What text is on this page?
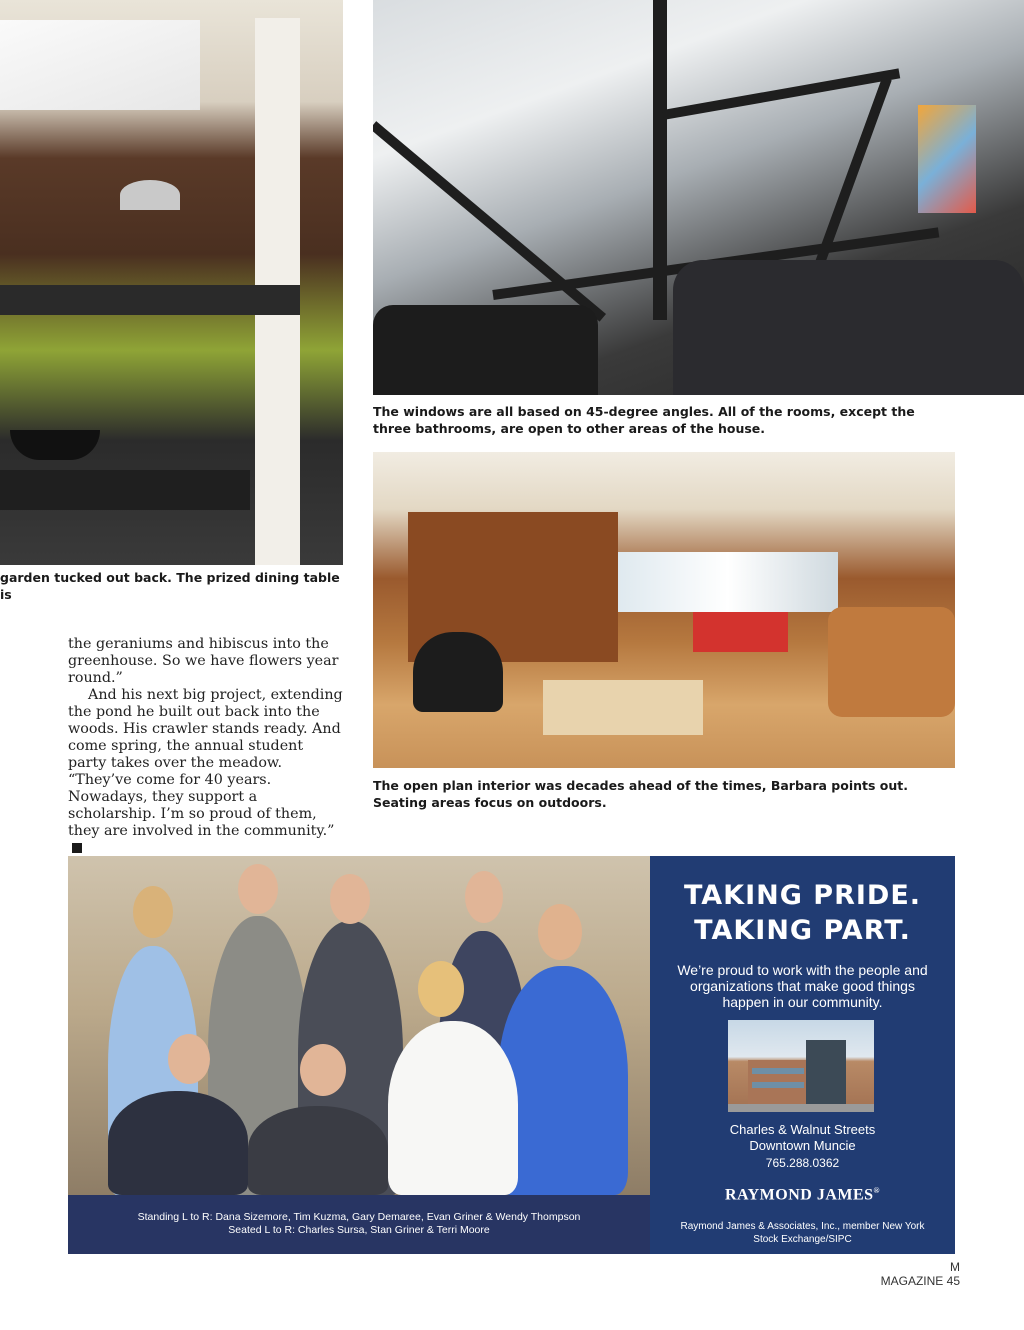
garden tucked out back. The prized dining table is
The windows are all based on 45-degree angles. All of the rooms, except the three bathrooms, are open to other areas of the house.
The open plan interior was decades ahead of the times, Barbara points out. Seating areas focus on outdoors.

the geraniums and hibiscus into the greenhouse. So we have flowers year round.”

And his next big project, extending the pond he built out back into the woods. His crawler stands ready. And come spring, the annual student party takes over the meadow. “They’ve come for 40 years. Nowadays, they support a scholarship. I’m so proud of them, they are involved in the community.”

Standing L to R: Dana Sizemore, Tim Kuzma, Gary Demaree, Evan Griner & Wendy Thompson
Seated L to R: Charles Sursa, Stan Griner & Terri Moore
TAKING PRIDE.
TAKING PART.
We’re proud to work with the people and organizations that make good things happen in our community.
Charles & Walnut Streets
Downtown Muncie
765.288.0362
RAYMOND JAMES®
Raymond James & Associates, Inc., member New York Stock Exchange/SIPC
M MAGAZINE 45
